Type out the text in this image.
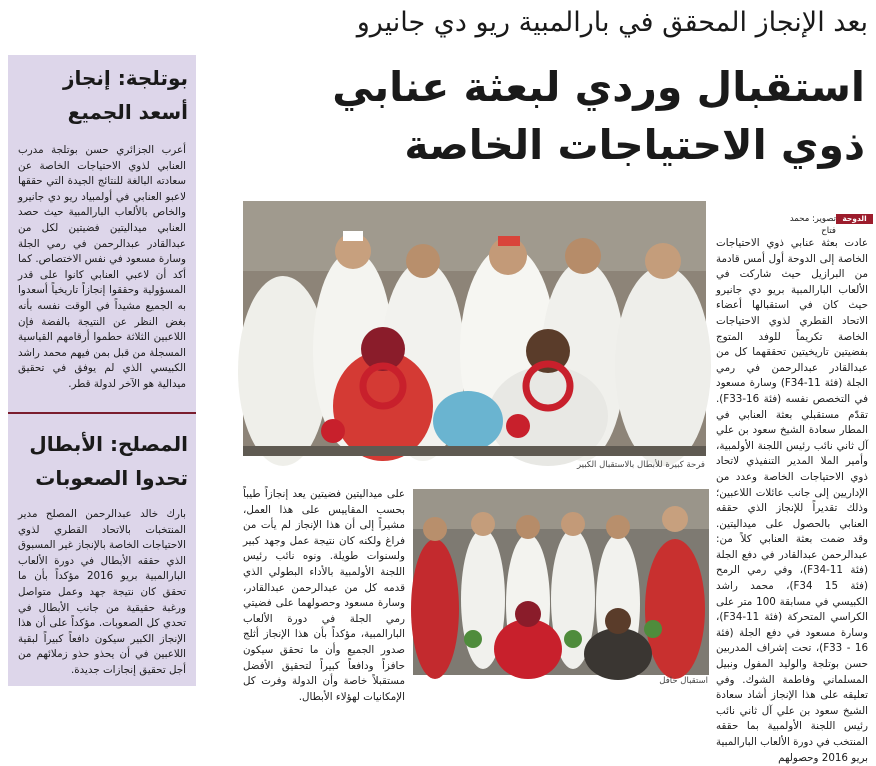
بعد الإنجاز المحقق في بارالمبية ريو دي جانيرو
استقبال وردي لبعثة عنابي ذوي الاحتياجات الخاصة
بوتلجة: إنجاز
أسعد الجميع
أعرب الجزائري حسن بوتلجة مدرب العنابي لذوي الاحتياجات الخاصة عن سعادته البالغة للنتائج الجيدة التي حققها لاعبو العنابي في أولمبياد ريو دي جانيرو والخاص بالألعاب البارالمبية حيث حصد العنابي ميداليتين فضيتين لكل من عبدالقادر عبدالرحمن في رمي الجلة وسارة مسعود في نفس الاختصاص. كما أكد أن لاعبي العنابي كانوا على قدر المسؤولية وحققوا إنجازاً تاريخياً أسعدوا به الجميع مشيداً في الوقت نفسه بأنه بغض النظر عن النتيجة بالفضة فإن اللاعبين الثلاثة حطموا أرقامهم القياسية المسجلة من قبل بمن فيهم محمد راشد الكبيسي الذي لم يوفق في تحقيق ميدالية هو الآخر لدولة قطر.
المصلح: الأبطال
تحدوا الصعوبات
بارك خالد عبدالرحمن المصلح مدير المنتخبات بالاتحاد القطري لذوي الاحتياجات الخاصة بالإنجاز غير المسبوق الذي حققه الأبطال في دورة الألعاب البارالمبية بريو 2016 مؤكداً بأن ما تحقق كان نتيجة جهد وعمل متواصل ورغبة حقيقية من جانب الأبطال في تحدي كل الصعوبات. مؤكداً على أن هذا الإنجاز الكبير سيكون دافعاً كبيراً لبقية اللاعبين في أن يحذو حذو زملائهم من أجل تحقيق إنجازات جديدة.
الدوحة العرب
تصوير: محمد فتاح
فرحة كبيرة للأبطال بالاستقبال الكبير
استقبال حافل
عادت بعثة عنابي ذوي الاحتياجات الخاصة إلى الدوحة أول أمس قادمة من البرازيل حيث شاركت في الألعاب البارالمبية بريو دي جانيرو حيث كان في استقبالها أعضاء الاتحاد القطري لذوي الاحتياجات الخاصة تكريماً للوفد المتوج بفضيتين تاريخيتين تحققهما كل من عبدالقادر عبدالرحمن في رمي الجلة (فئة F34-11) وسارة مسعود في التخصص نفسه (فئة F33-16). تقدّم مستقبلي بعثة العنابي في المطار سعادة الشيخ سعود بن علي آل ثاني نائب رئيس اللجنة الأولمبية، وأمير الملا المدير التنفيذي لاتحاد ذوي الاحتياجات الخاصة وعدد من الإداريين إلى جانب عائلات اللاعبين؛ وذلك تقديراً للإنجاز الذي حققه العنابي بالحصول على ميداليتين. وقد ضمت بعثة العنابي كلاً من: عبدالرحمن عبدالقادر في دفع الجلة (فئة F34-11)، وفي رمي الرمح (فئة 15 F34)، محمد راشد الكبيسي في مسابقة 100 متر على الكراسي المتحركة (فئة F34-11)، وسارة مسعود في دفع الجلة (فئة 16 - F33)، تحت إشراف المدربين حسن بوتلجة والوليد المفول ونبيل المسلماني وفاطمة الشوك. وفي تعليقه على هذا الإنجاز أشاد سعادة الشيخ سعود بن علي آل ثاني نائب رئيس اللجنة الأولمبية بما حققه المنتخب في دورة الألعاب البارالمبية بريو 2016 وحصولهم
على ميداليتين فضيتين يعد إنجازاً طيباً بحسب المقاييس على هذا العمل، مشيراً إلى أن هذا الإنجاز لم يأت من فراغ ولكنه كان نتيجة عمل وجهد كبير ولسنوات طويلة. ونوه نائب رئيس اللجنة الأولمبية بالأداء البطولي الذي قدمه كل من عبدالرحمن عبدالقادر، وسارة مسعود وحصولهما على فضيتي رمي الجلة في دورة الألعاب البارالمبية، مؤكداً بأن هذا الإنجاز أثلج صدور الجميع وأن ما تحقق سيكون حافزاً ودافعاً كبيراً لتحقيق الأفضل مستقبلاً خاصة وأن الدولة وفرت كل الإمكانيات لهؤلاء الأبطال.
